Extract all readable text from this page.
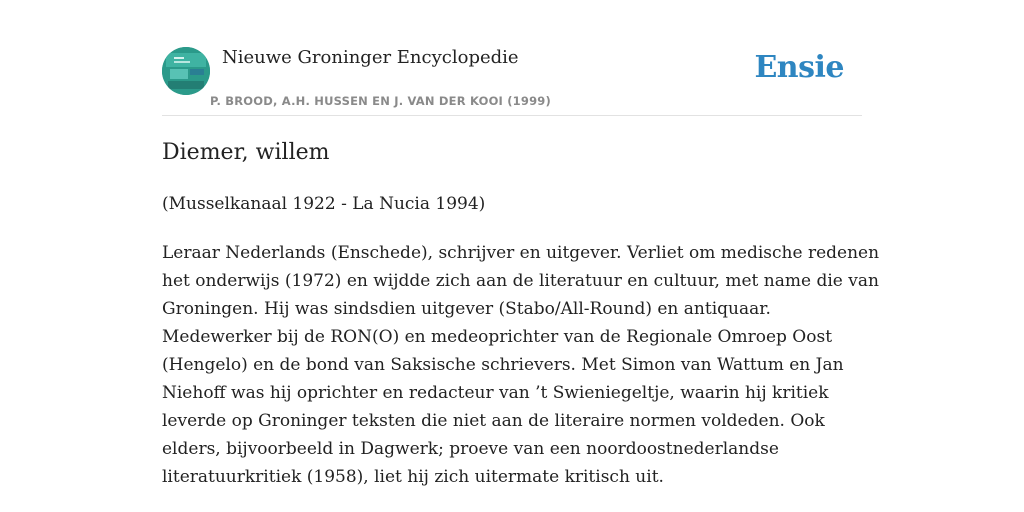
Nieuwe Groninger Encyclopedie
P. BROOD, A.H. HUSSEN EN J. VAN DER KOOI (1999)
Ensie
Diemer, willem
(Musselkanaal 1922 - La Nucia 1994)
Leraar Nederlands (Enschede), schrijver en uitgever. Verliet om medische redenen
het onderwijs (1972) en wijdde zich aan de literatuur en cultuur, met name die van
Groningen. Hij was sindsdien uitgever (Stabo/All-Round) en antiquaar.
Medewerker bij de RON(O) en medeoprichter van de Regionale Omroep Oost
(Hengelo) en de bond van Saksische schrievers. Met Simon van Wattum en Jan
Niehoff was hij oprichter en redacteur van ’t Swieniegeltje, waarin hij kritiek
leverde op Groninger teksten die niet aan de literaire normen voldeden. Ook
elders, bijvoorbeeld in Dagwerk; proeve van een noordoostnederlandse
literatuurkritiek (1958), liet hij zich uitermate kritisch uit.
